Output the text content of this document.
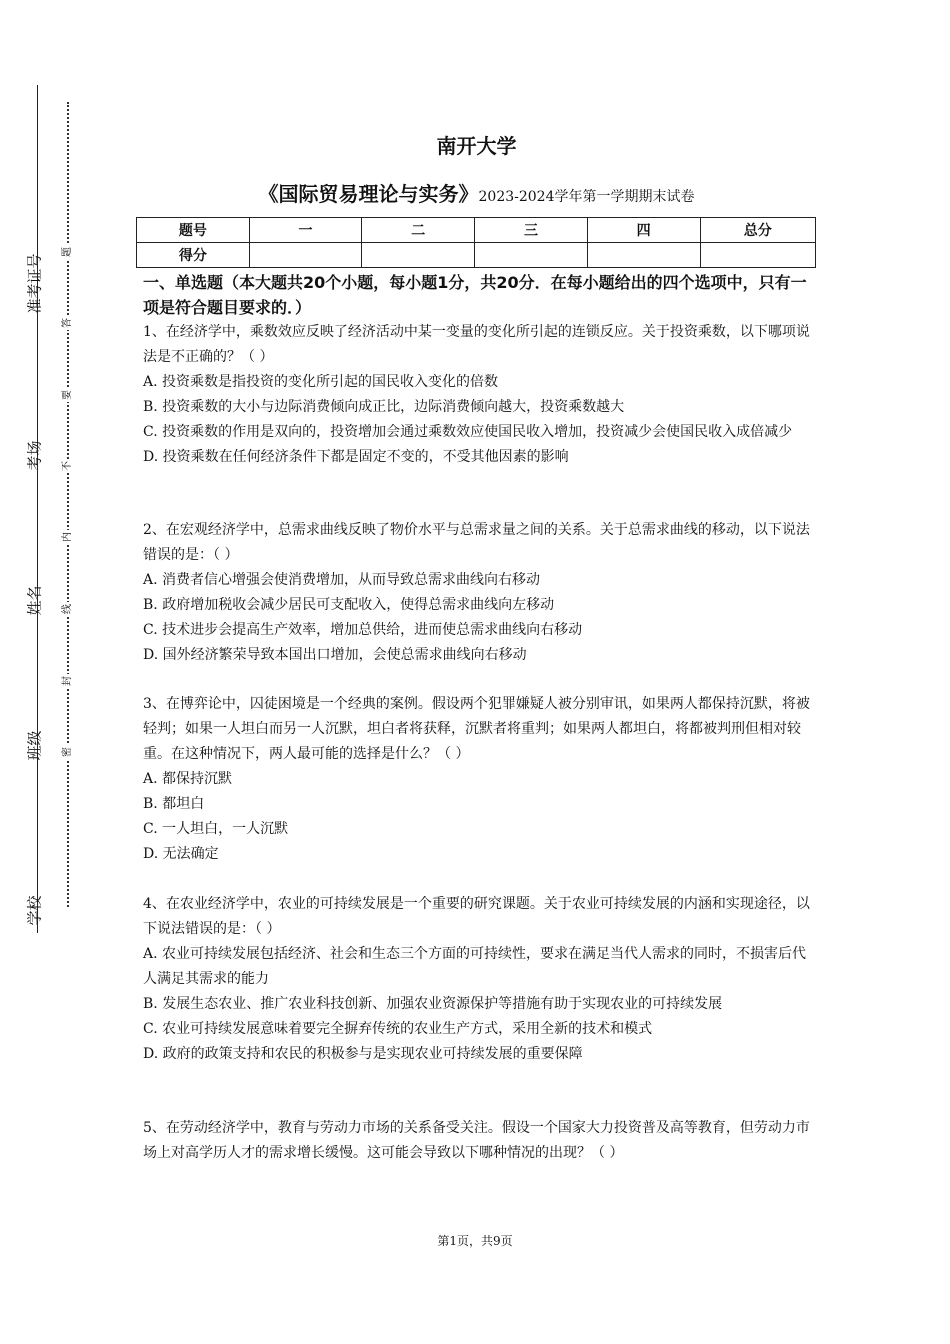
准考证号
考场
姓名
班级
学校
题
答
要
不
内
线
封
密
南开大学
《国际贸易理论与实务》2023-2024学年第一学期期末试卷
题号	一	二	三	四	总分
得分					
一、单选题（本大题共20个小题，每小题1分，共20分．在每小题给出的四个选项中，只有一项是符合题目要求的．）

1、在经济学中，乘数效应反映了经济活动中某一变量的变化所引起的连锁反应。关于投资乘数，以下哪项说法是不正确的？（ ）

A. 投资乘数是指投资的变化所引起的国民收入变化的倍数

B. 投资乘数的大小与边际消费倾向成正比，边际消费倾向越大，投资乘数越大

C. 投资乘数的作用是双向的，投资增加会通过乘数效应使国民收入增加，投资减少会使国民收入成倍减少

D. 投资乘数在任何经济条件下都是固定不变的，不受其他因素的影响

2、在宏观经济学中，总需求曲线反映了物价水平与总需求量之间的关系。关于总需求曲线的移动，以下说法错误的是：（ ）

A. 消费者信心增强会使消费增加，从而导致总需求曲线向右移动

B. 政府增加税收会减少居民可支配收入，使得总需求曲线向左移动

C. 技术进步会提高生产效率，增加总供给，进而使总需求曲线向右移动

D. 国外经济繁荣导致本国出口增加，会使总需求曲线向右移动

3、在博弈论中，囚徒困境是一个经典的案例。假设两个犯罪嫌疑人被分别审讯，如果两人都保持沉默，将被轻判；如果一人坦白而另一人沉默，坦白者将获释，沉默者将重判；如果两人都坦白，将都被判刑但相对较重。在这种情况下，两人最可能的选择是什么？（ ）

A. 都保持沉默

B. 都坦白

C. 一人坦白，一人沉默

D. 无法确定

4、在农业经济学中，农业的可持续发展是一个重要的研究课题。关于农业可持续发展的内涵和实现途径，以下说法错误的是：（ ）

A. 农业可持续发展包括经济、社会和生态三个方面的可持续性，要求在满足当代人需求的同时，不损害后代人满足其需求的能力

B. 发展生态农业、推广农业科技创新、加强农业资源保护等措施有助于实现农业的可持续发展

C. 农业可持续发展意味着要完全摒弃传统的农业生产方式，采用全新的技术和模式

D. 政府的政策支持和农民的积极参与是实现农业可持续发展的重要保障

5、在劳动经济学中，教育与劳动力市场的关系备受关注。假设一个国家大力投资普及高等教育，但劳动力市场上对高学历人才的需求增长缓慢。这可能会导致以下哪种情况的出现？（ ）

第1页，共9页
